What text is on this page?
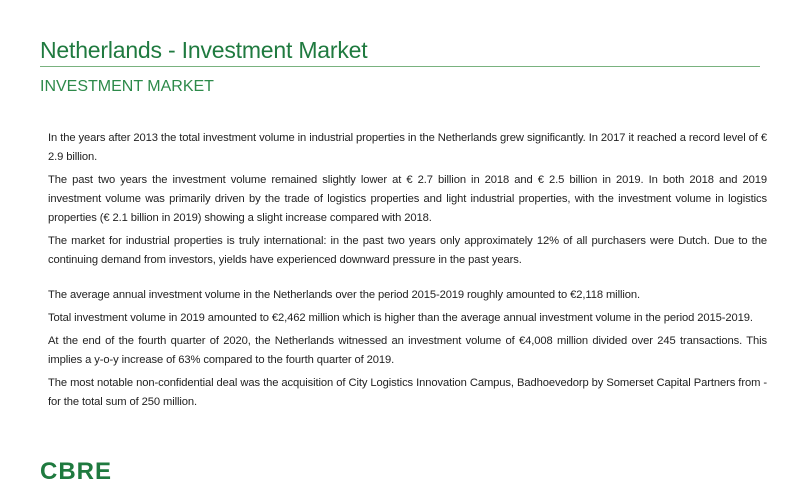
Netherlands - Investment Market
INVESTMENT MARKET

In the years after 2013 the total investment volume in industrial properties in the Netherlands grew significantly. In 2017 it reached a record level of € 2.9 billion.

The past two years the investment volume remained slightly lower at € 2.7 billion in 2018 and € 2.5 billion in 2019. In both 2018 and 2019 investment volume was primarily driven by the trade of logistics properties and light industrial properties, with the investment volume in logistics properties (€ 2.1 billion in 2019) showing a slight increase compared with 2018.

The market for industrial properties is truly international: in the past two years only approximately 12% of all purchasers were Dutch. Due to the continuing demand from investors, yields have experienced downward pressure in the past years.

The average annual investment volume in the Netherlands over the period 2015-2019 roughly amounted to €2,118 million.

Total investment volume in 2019 amounted to €2,462 million which is higher than the average annual investment volume in the period 2015-2019.

At the end of the fourth quarter of 2020, the Netherlands witnessed an investment volume of €4,008 million divided over 245 transactions. This implies a y-o-y increase of 63% compared to the fourth quarter of 2019.

The most notable non-confidential deal was the acquisition of City Logistics Innovation Campus, Badhoevedorp by Somerset Capital Partners from - for the total sum of 250 million.

CBRE
